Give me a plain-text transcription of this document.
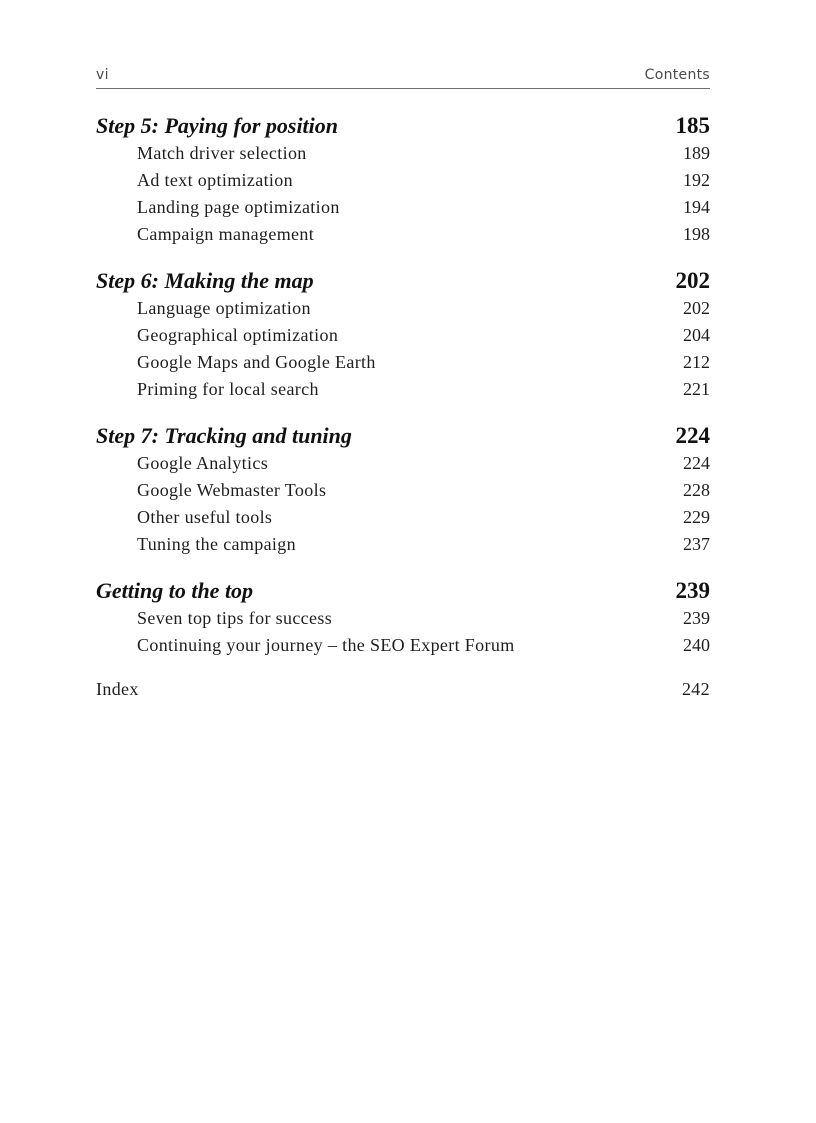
vi	Contents
Step 5: Paying for position	185
Match driver selection	189
Ad text optimization	192
Landing page optimization	194
Campaign management	198
Step 6: Making the map	202
Language optimization	202
Geographical optimization	204
Google Maps and Google Earth	212
Priming for local search	221
Step 7: Tracking and tuning	224
Google Analytics	224
Google Webmaster Tools	228
Other useful tools	229
Tuning the campaign	237
Getting to the top	239
Seven top tips for success	239
Continuing your journey – the SEO Expert Forum	240
Index	242
